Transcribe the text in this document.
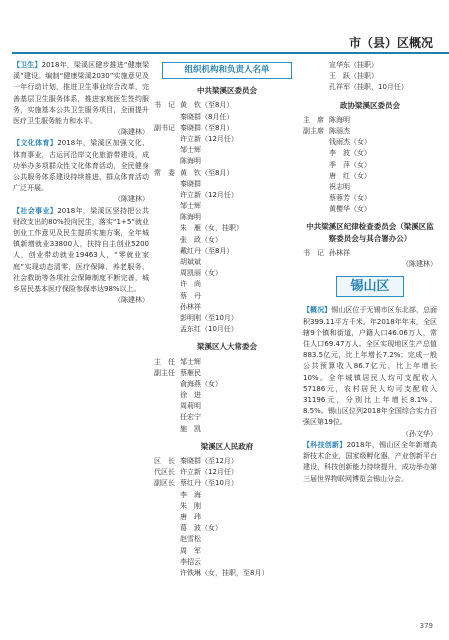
市（县）区概况

【卫生】2018年，梁溪区健步推进“健康梁溪”建设。编制“健康梁溪2030”实施意见及一年行动计划，推进卫生事业综合改革，完善基层卫生服务体系，推进家庭医生签约服务，实施基本公共卫生服务项目，全面提升医疗卫生服务能力和水平。

（陈建林）

【文化体育】2018年，梁溪区加强文化、体育事业，古运河沿岸文化旅游带建设，成功举办多项群众性文化体育活动，全民健身公共服务体系建设持续推进，群众体育活动广泛开展。

（陈建林）

【社会事业】2018年，梁溪区坚持把公共财政支出的80%投向民生，落实“1+5”就业创业工作意见及民生提质实施方案，全年城镇新增就业33800人，扶持自主创业5200人，创业带动就业19463人，“零就业家庭”实现动态清零，医疗保障、养老服务、社会救助等各项社会保障制度不断完善，城乡居民基本医疗保险参保率达98%以上。

（陈建林）

组织机构和负责人名单
中共梁溪区委员会
书　记 黄　钦（至8月）
秦晓群（8月任）
副书记 秦晓群（至8月）
许立新（12月任）
邹士辉
陈海明
常　委 黄　钦（至8月）
秦晓群
许立新（12月任）
邹士辉
陈海明
朱　雁（女，挂职）
张　政（女）
戴红丹（至8月）
胡斌斌
周凯丽（女）
许　尚
蔡　丹
孙林祥
彭明刚（至10月）
孟东红（10月任）
梁溪区人大常委会
主　任 邹士辉
副主任 蔡雁民
俞海燕（女）
徐　进
周莉明
任宏宁
施　凯
梁溪区人民政府
区　长 秦晓群（至12月）
代区长 许立新（12月任）
副区长 蔡红丹（至10月）
李　海
朱　刚
唐　玮
葛　波（女）
赵雪松
周　军
李招云
许铁琳（女，挂职，至8月）
宣华东（挂职）
王　跃（挂职）
孔祥军（挂职，10月任）
政协梁溪区委员会
主　席 陈海明
副主席 陈丽杰
钱雨杰（女）
李　波（女）
季　萍（女）
唐　红（女）
祝志明
蔡蓉芳（女）
黄樱华（女）
中共梁溪区纪律检查委员会（梁溪区监察委员会与其合署办公）
书　记 孙林祥

（陈建林）

锡山区

【概况】锡山区位于无锡市区东北部，总面积399.11平方千米。年2018年年末，全区辖9个镇和街道，户籍人口46.06万人，常住人口69.47万人。全区实现地区生产总值883.5亿元，比上年增长7.2%；完成一般公共预算收入86.7亿元，比上年增长10%。全年城镇居民人均可支配收入57186元，农村居民人均可支配收入31196元，分别比上年增长8.1%、8.5%。锡山区位列2018年全国综合实力百强区第19位。

（孙文华）

【科技创新】2018年，锡山区全年新增高新技术企业，国家级孵化器，产业创新平台建设，科技创新能力持续提升，成功举办第三届世界物联网博览会锡山分会。

379
